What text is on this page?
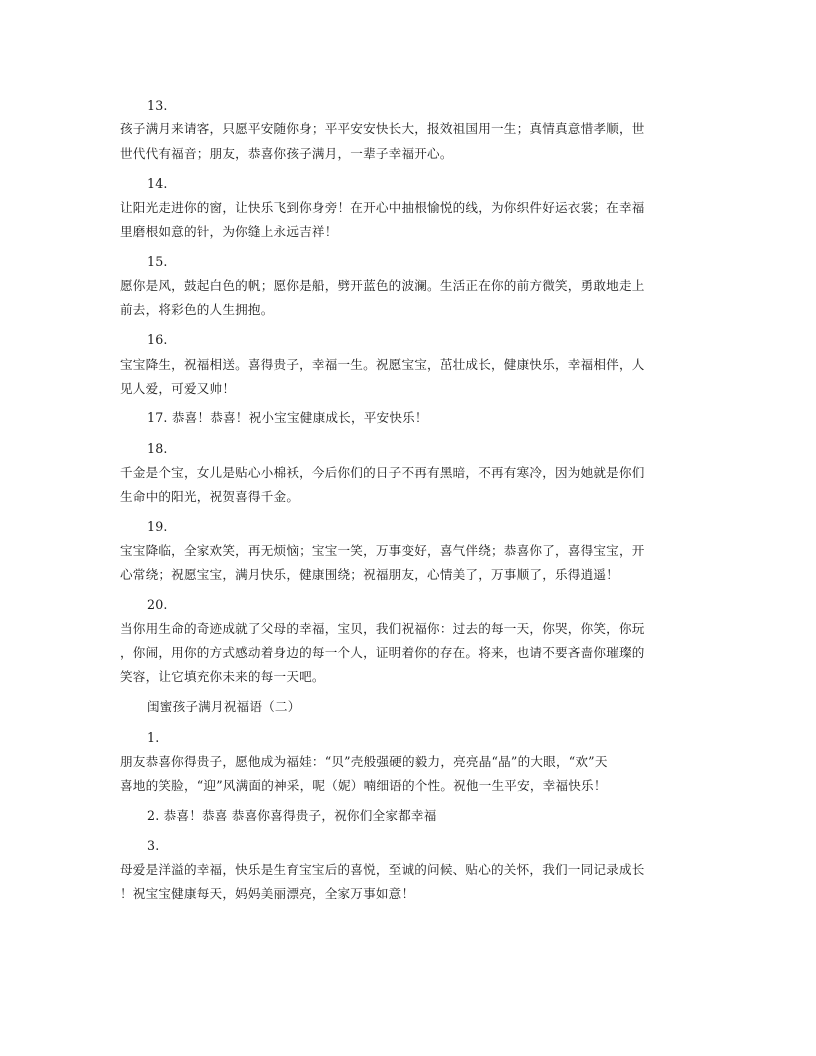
13.
孩子满月来请客，只愿平安随你身；平平安安快长大，报效祖国用一生；真情真意惜孝顺，世
世代代有福音；朋友，恭喜你孩子满月，一辈子幸福开心。
14.
让阳光走进你的窗，让快乐飞到你身旁！在开心中抽根愉悦的线，为你织件好运衣裳；在幸福
里磨根如意的针，为你缝上永远吉祥！
15.
愿你是风，鼓起白色的帆；愿你是船，劈开蓝色的波澜。生活正在你的前方微笑，勇敢地走上
前去，将彩色的人生拥抱。
16.
宝宝降生，祝福相送。喜得贵子，幸福一生。祝愿宝宝，茁壮成长，健康快乐，幸福相伴，人
见人爱，可爱又帅！
17. 恭喜！恭喜！祝小宝宝健康成长，平安快乐！
18.
千金是个宝，女儿是贴心小棉袄，今后你们的日子不再有黑暗，不再有寒冷，因为她就是你们
生命中的阳光，祝贺喜得千金。
19.
宝宝降临，全家欢笑，再无烦恼；宝宝一笑，万事变好，喜气伴绕；恭喜你了，喜得宝宝，开
心常绕；祝愿宝宝，满月快乐，健康围绕；祝福朋友，心情美了，万事顺了，乐得逍遥！
20.
当你用生命的奇迹成就了父母的幸福，宝贝，我们祝福你：过去的每一天，你哭，你笑，你玩
，你闹，用你的方式感动着身边的每一个人，证明着你的存在。将来，也请不要吝啬你璀璨的
笑容，让它填充你未来的每一天吧。
闺蜜孩子满月祝福语（二）
1.
朋友恭喜你得贵子，愿他成为福娃：“贝”壳般强硬的毅力，亮亮晶“晶”的大眼，“欢”天
喜地的笑脸，“迎”风满面的神采，呢（妮）喃细语的个性。祝他一生平安，幸福快乐！
2. 恭喜！恭喜 恭喜你喜得贵子，祝你们全家都幸福
3.
母爱是洋溢的幸福，快乐是生育宝宝后的喜悦，至诚的问候、贴心的关怀，我们一同记录成长
！祝宝宝健康每天，妈妈美丽漂亮，全家万事如意！
